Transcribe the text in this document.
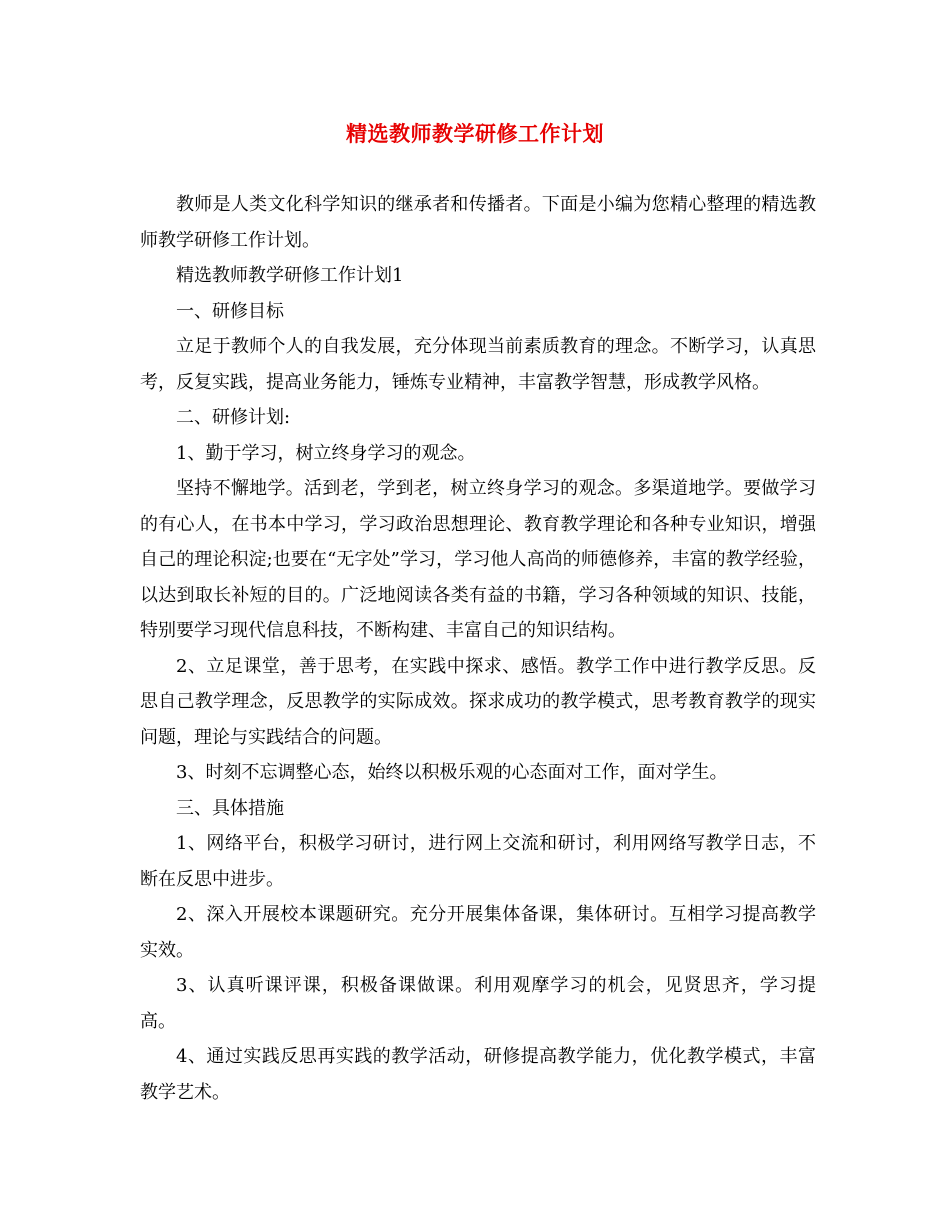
精选教师教学研修工作计划

教师是人类文化科学知识的继承者和传播者。下面是小编为您精心整理的精选教师教学研修工作计划。

精选教师教学研修工作计划1

一、研修目标

立足于教师个人的自我发展，充分体现当前素质教育的理念。不断学习，认真思考，反复实践，提高业务能力，锤炼专业精神，丰富教学智慧，形成教学风格。

二、研修计划:

1、勤于学习，树立终身学习的观念。

坚持不懈地学。活到老，学到老，树立终身学习的观念。多渠道地学。要做学习的有心人，在书本中学习，学习政治思想理论、教育教学理论和各种专业知识，增强自己的理论积淀;也要在“无字处”学习，学习他人高尚的师德修养，丰富的教学经验，以达到取长补短的目的。广泛地阅读各类有益的书籍，学习各种领域的知识、技能，特别要学习现代信息科技，不断构建、丰富自己的知识结构。

2、立足课堂，善于思考，在实践中探求、感悟。教学工作中进行教学反思。反思自己教学理念，反思教学的实际成效。探求成功的教学模式，思考教育教学的现实问题，理论与实践结合的问题。

3、时刻不忘调整心态，始终以积极乐观的心态面对工作，面对学生。

三、具体措施

1、网络平台，积极学习研讨，进行网上交流和研讨，利用网络写教学日志，不断在反思中进步。

2、深入开展校本课题研究。充分开展集体备课，集体研讨。互相学习提高教学实效。

3、认真听课评课，积极备课做课。利用观摩学习的机会，见贤思齐，学习提高。

4、通过实践反思再实践的教学活动，研修提高教学能力，优化教学模式，丰富教学艺术。
